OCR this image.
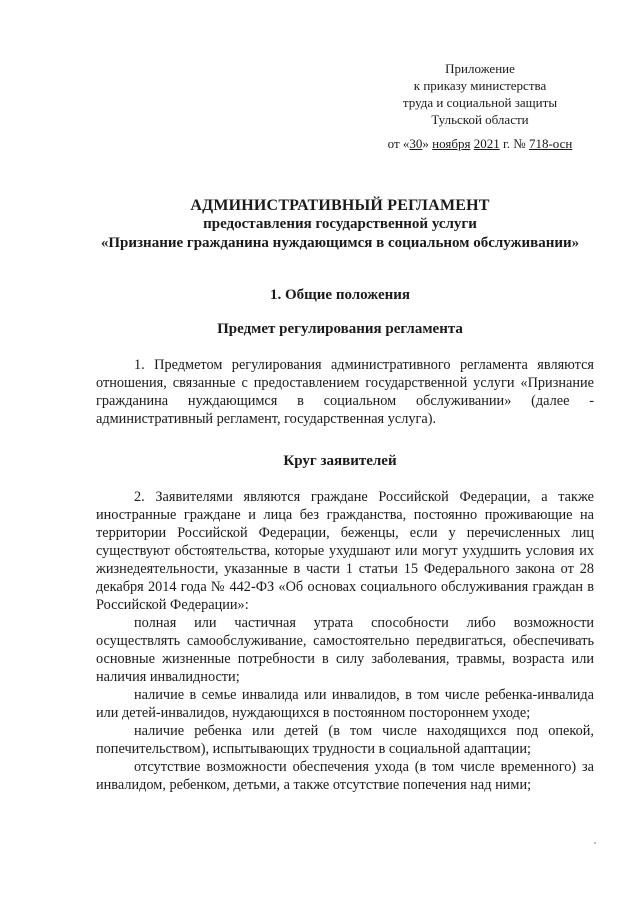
Приложение
к приказу министерства
труда и социальной защиты
Тульской области
от «30» ноября 2021 г. № 718-осн
АДМИНИСТРАТИВНЫЙ РЕГЛАМЕНТ
предоставления государственной услуги
«Признание гражданина нуждающимся в социальном обслуживании»
1. Общие положения
Предмет регулирования регламента

1. Предметом регулирования административного регламента являются отношения, связанные с предоставлением государственной услуги «Признание гражданина нуждающимся в социальном обслуживании» (далее - административный регламент, государственная услуга).

Круг заявителей

2. Заявителями являются граждане Российской Федерации, а также иностранные граждане и лица без гражданства, постоянно проживающие на территории Российской Федерации, беженцы, если у перечисленных лиц существуют обстоятельства, которые ухудшают или могут ухудшить условия их жизнедеятельности, указанные в части 1 статьи 15 Федерального закона от 28 декабря 2014 года № 442-ФЗ «Об основах социального обслуживания граждан в Российской Федерации»:

полная или частичная утрата способности либо возможности осуществлять самообслуживание, самостоятельно передвигаться, обеспечивать основные жизненные потребности в силу заболевания, травмы, возраста или наличия инвалидности;

наличие в семье инвалида или инвалидов, в том числе ребенка-инвалида или детей-инвалидов, нуждающихся в постоянном постороннем уходе;

наличие ребенка или детей (в том числе находящихся под опекой, попечительством), испытывающих трудности в социальной адаптации;

отсутствие возможности обеспечения ухода (в том числе временного) за инвалидом, ребенком, детьми, а также отсутствие попечения над ними;
